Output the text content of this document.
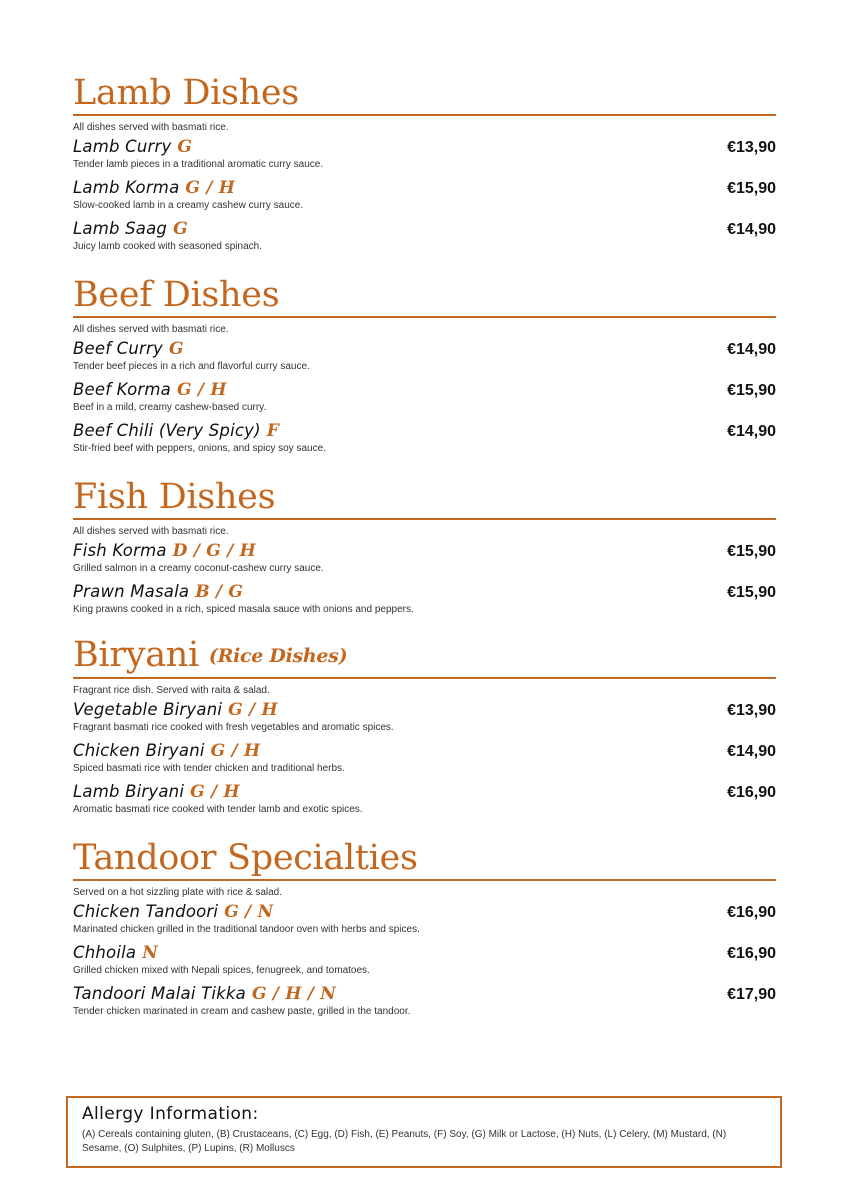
Lamb Dishes
All dishes served with basmati rice.
Lamb Curry G	€13,90
Tender lamb pieces in a traditional aromatic curry sauce.
Lamb Korma G / H	€15,90
Slow-cooked lamb in a creamy cashew curry sauce.
Lamb Saag G	€14,90
Juicy lamb cooked with seasoned spinach.
Beef Dishes
All dishes served with basmati rice.
Beef Curry G	€14,90
Tender beef pieces in a rich and flavorful curry sauce.
Beef Korma G / H	€15,90
Beef in a mild, creamy cashew-based curry.
Beef Chili (Very Spicy) F	€14,90
Stir-fried beef with peppers, onions, and spicy soy sauce.
Fish Dishes
All dishes served with basmati rice.
Fish Korma D / G / H	€15,90
Grilled salmon in a creamy coconut-cashew curry sauce.
Prawn Masala B / G	€15,90
King prawns cooked in a rich, spiced masala sauce with onions and peppers.
Biryani (Rice Dishes)
Fragrant rice dish. Served with raita & salad.
Vegetable Biryani G / H	€13,90
Fragrant basmati rice cooked with fresh vegetables and aromatic spices.
Chicken Biryani G / H	€14,90
Spiced basmati rice with tender chicken and traditional herbs.
Lamb Biryani G / H	€16,90
Aromatic basmati rice cooked with tender lamb and exotic spices.
Tandoor Specialties
Served on a hot sizzling plate with rice & salad.
Chicken Tandoori G / N	€16,90
Marinated chicken grilled in the traditional tandoor oven with herbs and spices.
Chhoila N	€16,90
Grilled chicken mixed with Nepali spices, fenugreek, and tomatoes.
Tandoori Malai Tikka G / H / N	€17,90
Tender chicken marinated in cream and cashew paste, grilled in the tandoor.
Allergy Information:
(A) Cereals containing gluten, (B) Crustaceans, (C) Egg, (D) Fish, (E) Peanuts, (F) Soy, (G) Milk or Lactose, (H) Nuts, (L) Celery, (M) Mustard, (N) Sesame, (O) Sulphites, (P) Lupins, (R) Molluscs
